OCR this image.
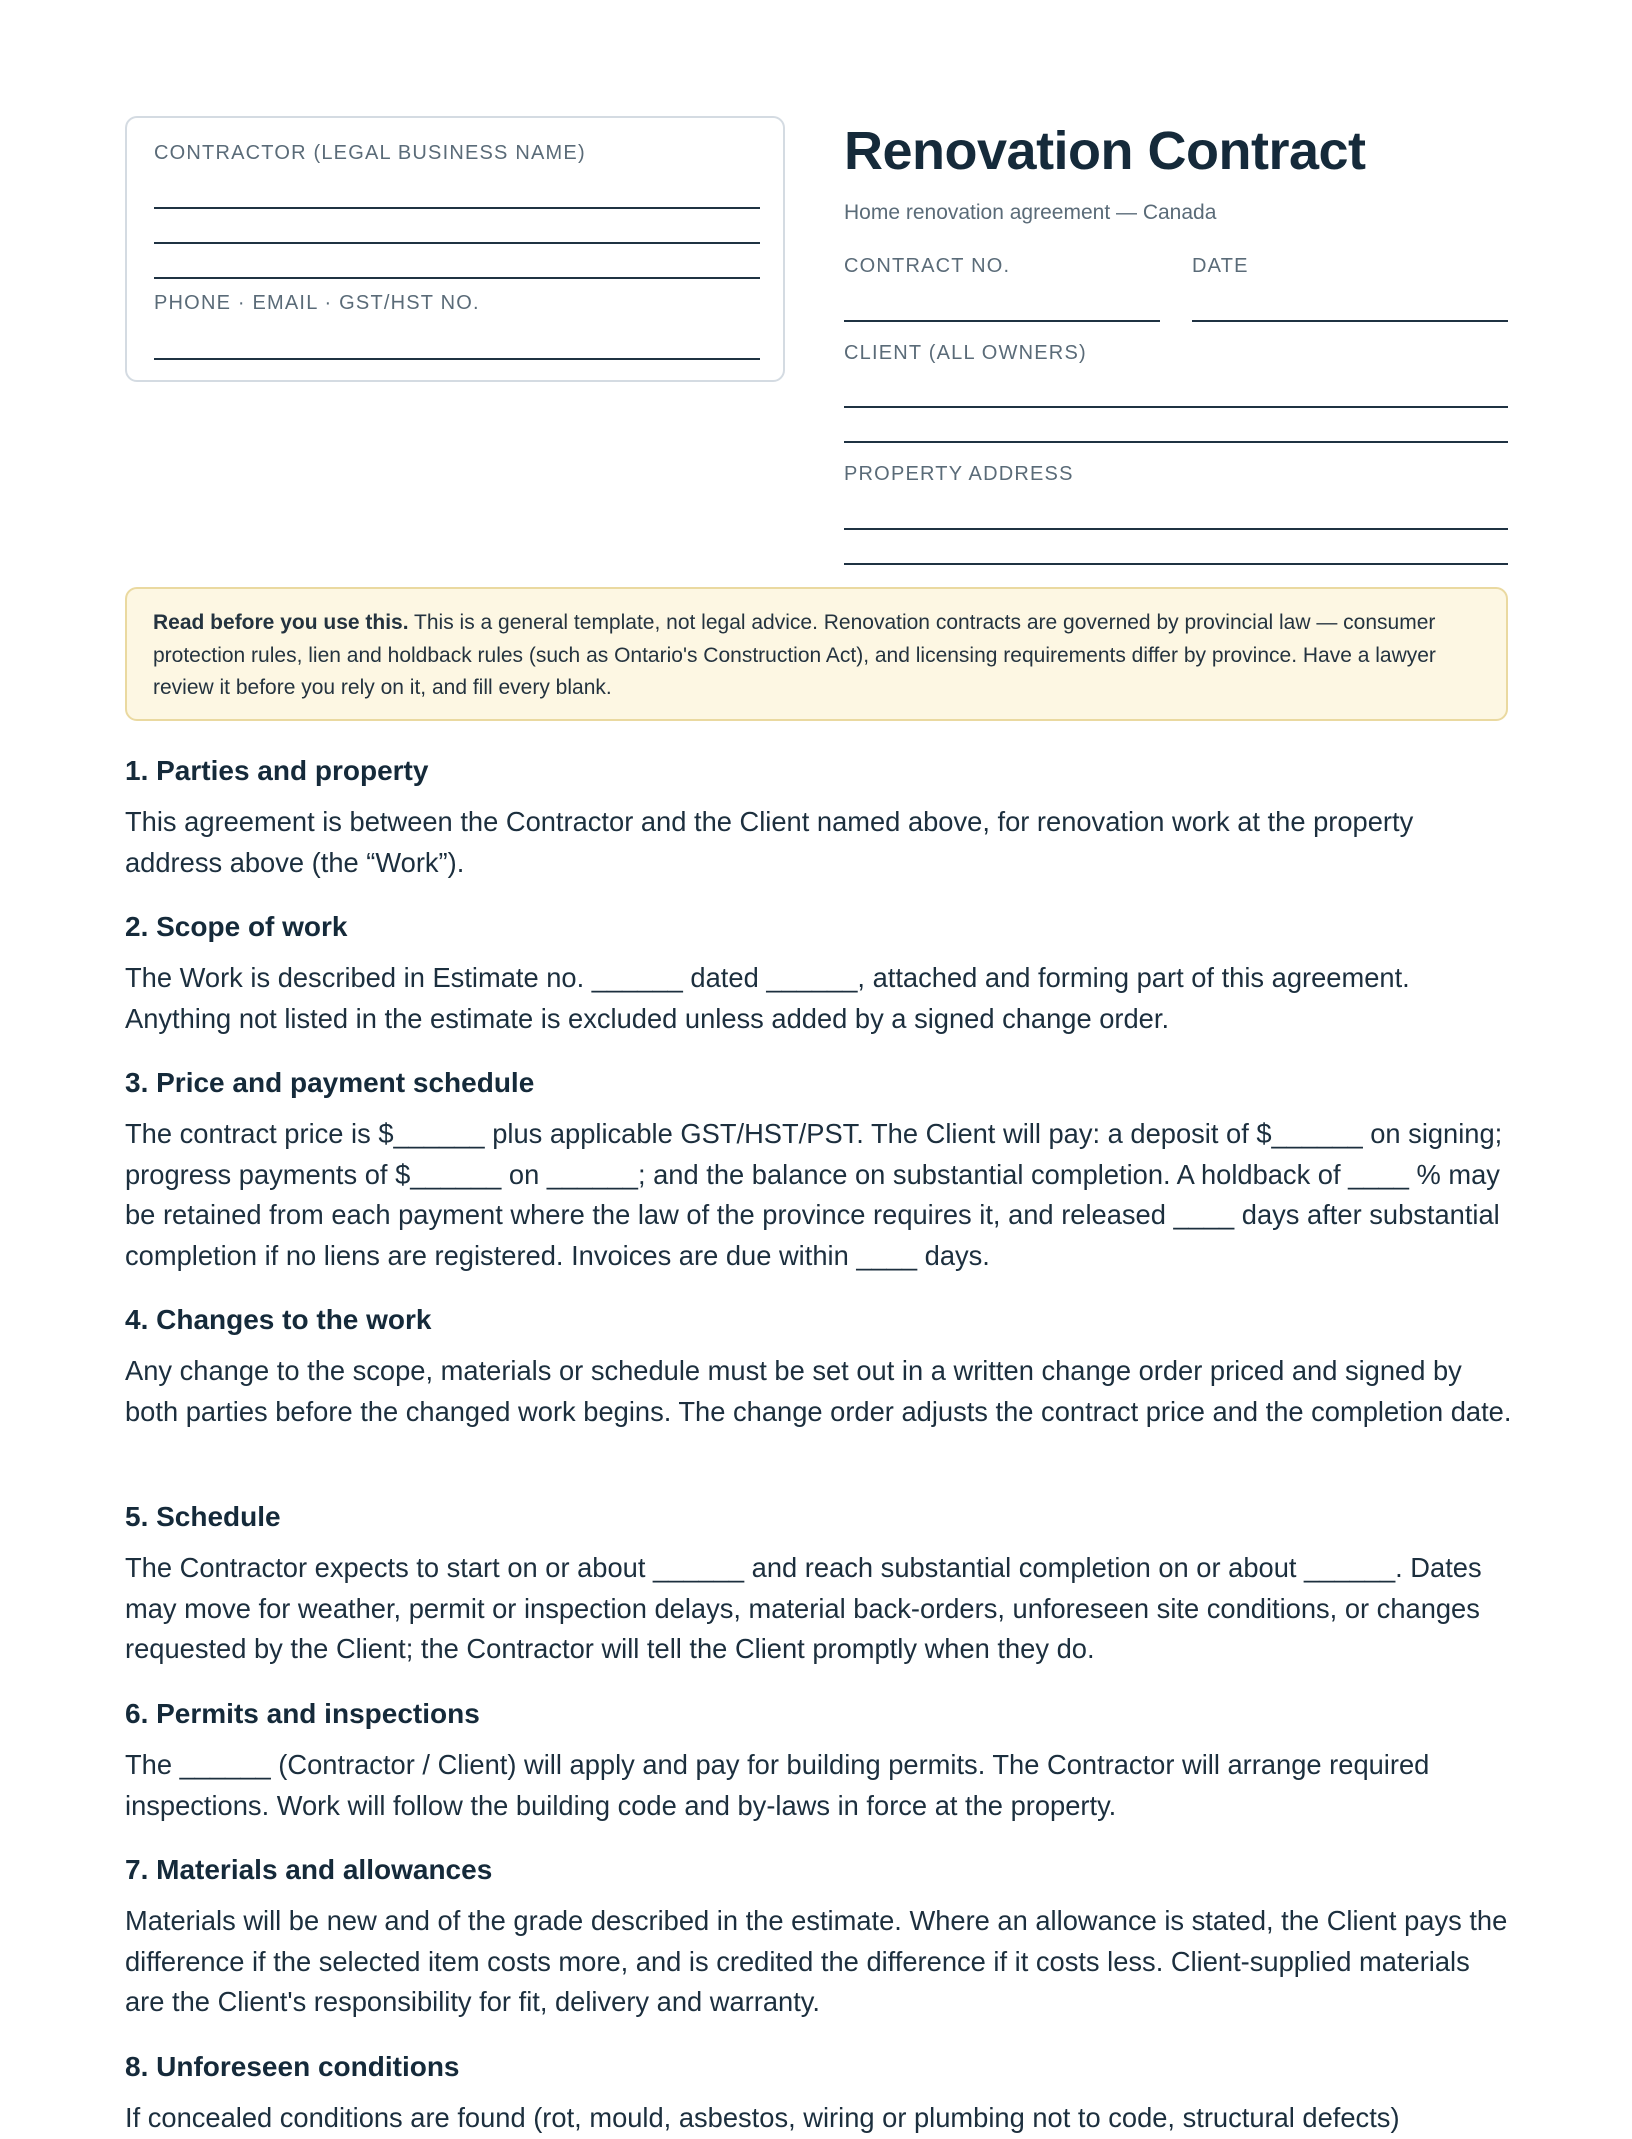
CONTRACTOR (LEGAL BUSINESS NAME)
PHONE · EMAIL · GST/HST NO.
Renovation Contract
Home renovation agreement — Canada
CONTRACT NO.	DATE
CLIENT (ALL OWNERS)
PROPERTY ADDRESS
Read before you use this. This is a general template, not legal advice. Renovation contracts are governed by provincial law — consumer protection rules, lien and holdback rules (such as Ontario's Construction Act), and licensing requirements differ by province. Have a lawyer review it before you rely on it, and fill every blank.
1. Parties and property

This agreement is between the Contractor and the Client named above, for renovation work at the property address above (the “Work”).

2. Scope of work

The Work is described in Estimate no. ______ dated ______, attached and forming part of this agreement. Anything not listed in the estimate is excluded unless added by a signed change order.

3. Price and payment schedule

The contract price is $______ plus applicable GST/HST/PST. The Client will pay: a deposit of $______ on signing; progress payments of $______ on ______; and the balance on substantial completion. A holdback of ____ % may be retained from each payment where the law of the province requires it, and released ____ days after substantial completion if no liens are registered. Invoices are due within ____ days.

4. Changes to the work

Any change to the scope, materials or schedule must be set out in a written change order priced and signed by both parties before the changed work begins. The change order adjusts the contract price and the completion date.

5. Schedule

The Contractor expects to start on or about ______ and reach substantial completion on or about ______. Dates may move for weather, permit or inspection delays, material back-orders, unforeseen site conditions, or changes requested by the Client; the Contractor will tell the Client promptly when they do.

6. Permits and inspections

The ______ (Contractor / Client) will apply and pay for building permits. The Contractor will arrange required inspections. Work will follow the building code and by-laws in force at the property.

7. Materials and allowances

Materials will be new and of the grade described in the estimate. Where an allowance is stated, the Client pays the difference if the selected item costs more, and is credited the difference if it costs less. Client-supplied materials are the Client's responsibility for fit, delivery and warranty.

8. Unforeseen conditions

If concealed conditions are found (rot, mould, asbestos, wiring or plumbing not to code, structural defects)
